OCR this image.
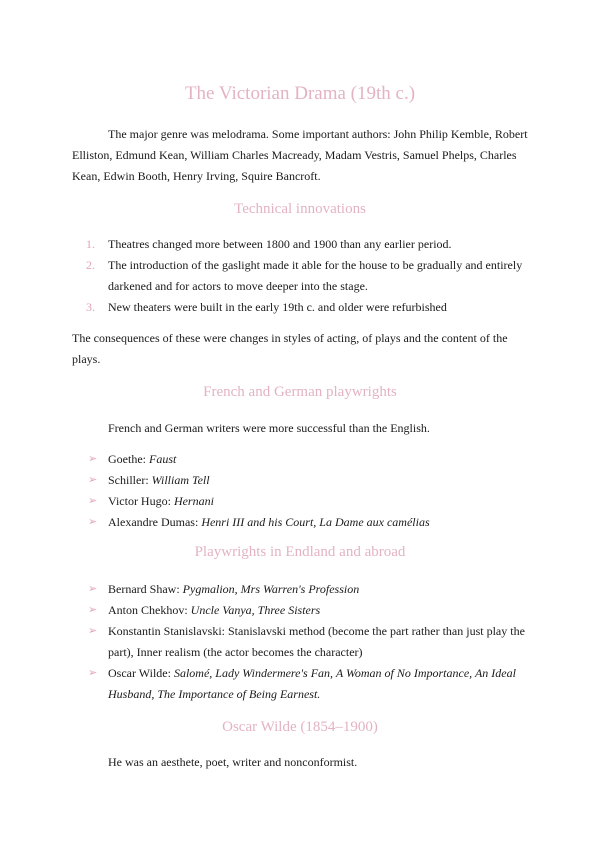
The Victorian Drama (19th c.)

The major genre was melodrama. Some important authors: John Philip Kemble, Robert Elliston, Edmund Kean, William Charles Macready, Madam Vestris, Samuel Phelps, Charles Kean, Edwin Booth, Henry Irving, Squire Bancroft.

Technical innovations
1. Theatres changed more between 1800 and 1900 than any earlier period.
2. The introduction of the gaslight made it able for the house to be gradually and entirely darkened and for actors to move deeper into the stage.
3. New theaters were built in the early 19th c. and older were refurbished

The consequences of these were changes in styles of acting, of plays and the content of the plays.

French and German playwrights

French and German writers were more successful than the English.

➢ Goethe: Faust
➢ Schiller: William Tell
➢ Victor Hugo: Hernani
➢ Alexandre Dumas: Henri III and his Court, La Dame aux camélias
Playwrights in Endland and abroad
➢ Bernard Shaw: Pygmalion, Mrs Warren's Profession
➢ Anton Chekhov: Uncle Vanya, Three Sisters
➢ Konstantin Stanislavski: Stanislavski method (become the part rather than just play the part), Inner realism (the actor becomes the character)
➢ Oscar Wilde: Salomé, Lady Windermere's Fan, A Woman of No Importance, An Ideal Husband, The Importance of Being Earnest.
Oscar Wilde (1854–1900)

He was an aesthete, poet, writer and nonconformist.
